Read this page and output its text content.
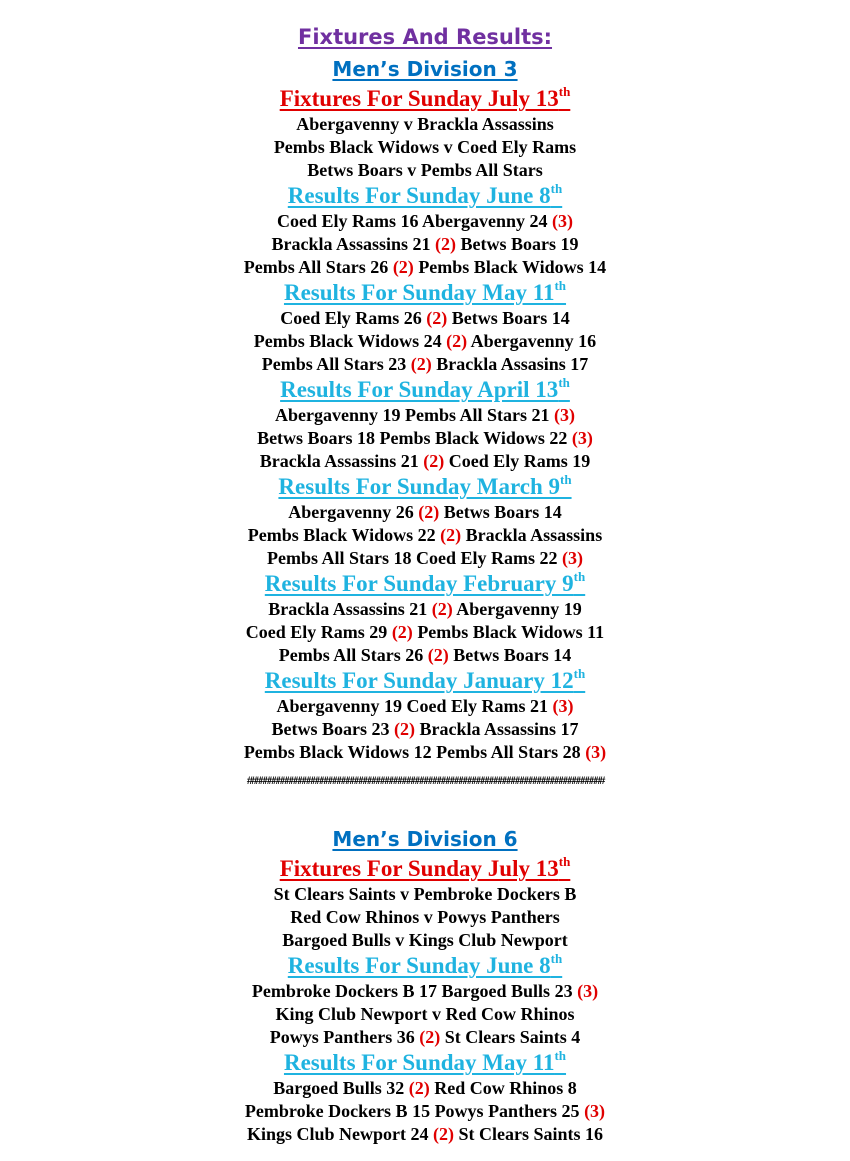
Fixtures And Results:
Men’s Division 3
Fixtures For Sunday July 13th
Abergavenny v Brackla Assassins
Pembs Black Widows v Coed Ely Rams
Betws Boars v Pembs All Stars
Results For Sunday June 8th
Coed Ely Rams 16 Abergavenny 24 (3)
Brackla Assassins 21 (2) Betws Boars 19
Pembs All Stars 26 (2) Pembs Black Widows 14
Results For Sunday May 11th
Coed Ely Rams 26 (2) Betws Boars 14
Pembs Black Widows 24 (2) Abergavenny 16
Pembs All Stars 23 (2) Brackla Assasins 17
Results For Sunday April 13th
Abergavenny 19 Pembs All Stars 21 (3)
Betws Boars 18 Pembs Black Widows 22 (3)
Brackla Assassins 21 (2) Coed Ely Rams 19
Results For Sunday March 9th
Abergavenny 26 (2) Betws Boars 14
Pembs Black Widows 22 (2) Brackla Assassins
Pembs All Stars 18 Coed Ely Rams 22 (3)
Results For Sunday February 9th
Brackla Assassins 21 (2) Abergavenny 19
Coed Ely Rams 29 (2) Pembs Black Widows 11
Pembs All Stars 26 (2) Betws Boars 14
Results For Sunday January 12th
Abergavenny 19 Coed Ely Rams 21 (3)
Betws Boars 23 (2) Brackla Assassins 17
Pembs Black Widows 12 Pembs All Stars 28 (3)
##################################################################################
Men’s Division 6
Fixtures For Sunday July 13th
St Clears Saints v Pembroke Dockers B
Red Cow Rhinos v Powys Panthers
Bargoed Bulls v Kings Club Newport
Results For Sunday June 8th
Pembroke Dockers B 17 Bargoed Bulls 23 (3)
King Club Newport v Red Cow Rhinos
Powys Panthers 36 (2) St Clears Saints 4
Results For Sunday May 11th
Bargoed Bulls 32 (2) Red Cow Rhinos 8
Pembroke Dockers B 15 Powys Panthers 25 (3)
Kings Club Newport 24 (2) St Clears Saints 16
